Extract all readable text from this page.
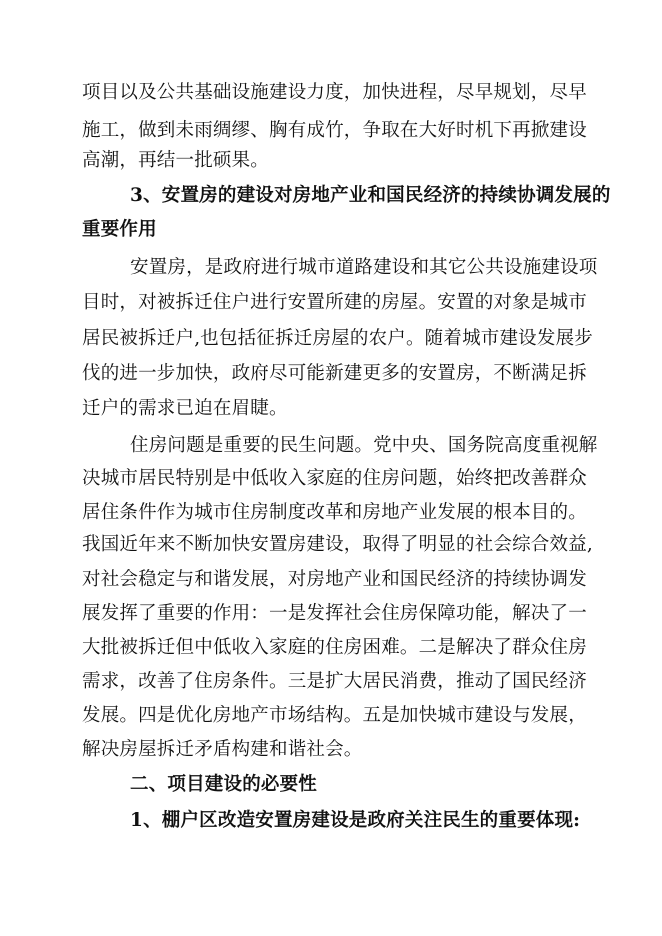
项目以及公共基础设施建设力度，加快进程，尽早规划，尽早
施工，做到未雨绸缪、胸有成竹，争取在大好时机下再掀建设
高潮，再结一批硕果。
3、安置房的建设对房地产业和国民经济的持续协调发展的
重要作用
安置房，是政府进行城市道路建设和其它公共设施建设项
目时，对被拆迁住户进行安置所建的房屋。安置的对象是城市
居民被拆迁户,也包括征拆迁房屋的农户。随着城市建设发展步
伐的进一步加快，政府尽可能新建更多的安置房，不断满足拆
迁户的需求已迫在眉睫。
住房问题是重要的民生问题。党中央、国务院高度重视解
决城市居民特别是中低收入家庭的住房问题，始终把改善群众
居住条件作为城市住房制度改革和房地产业发展的根本目的。
我国近年来不断加快安置房建设，取得了明显的社会综合效益,
对社会稳定与和谐发展，对房地产业和国民经济的持续协调发
展发挥了重要的作用：一是发挥社会住房保障功能，解决了一
大批被拆迁但中低收入家庭的住房困难。二是解决了群众住房
需求，改善了住房条件。三是扩大居民消费，推动了国民经济
发展。四是优化房地产市场结构。五是加快城市建设与发展，
解决房屋拆迁矛盾构建和谐社会。
二、项目建设的必要性
1、棚户区改造安置房建设是政府关注民生的重要体现:
